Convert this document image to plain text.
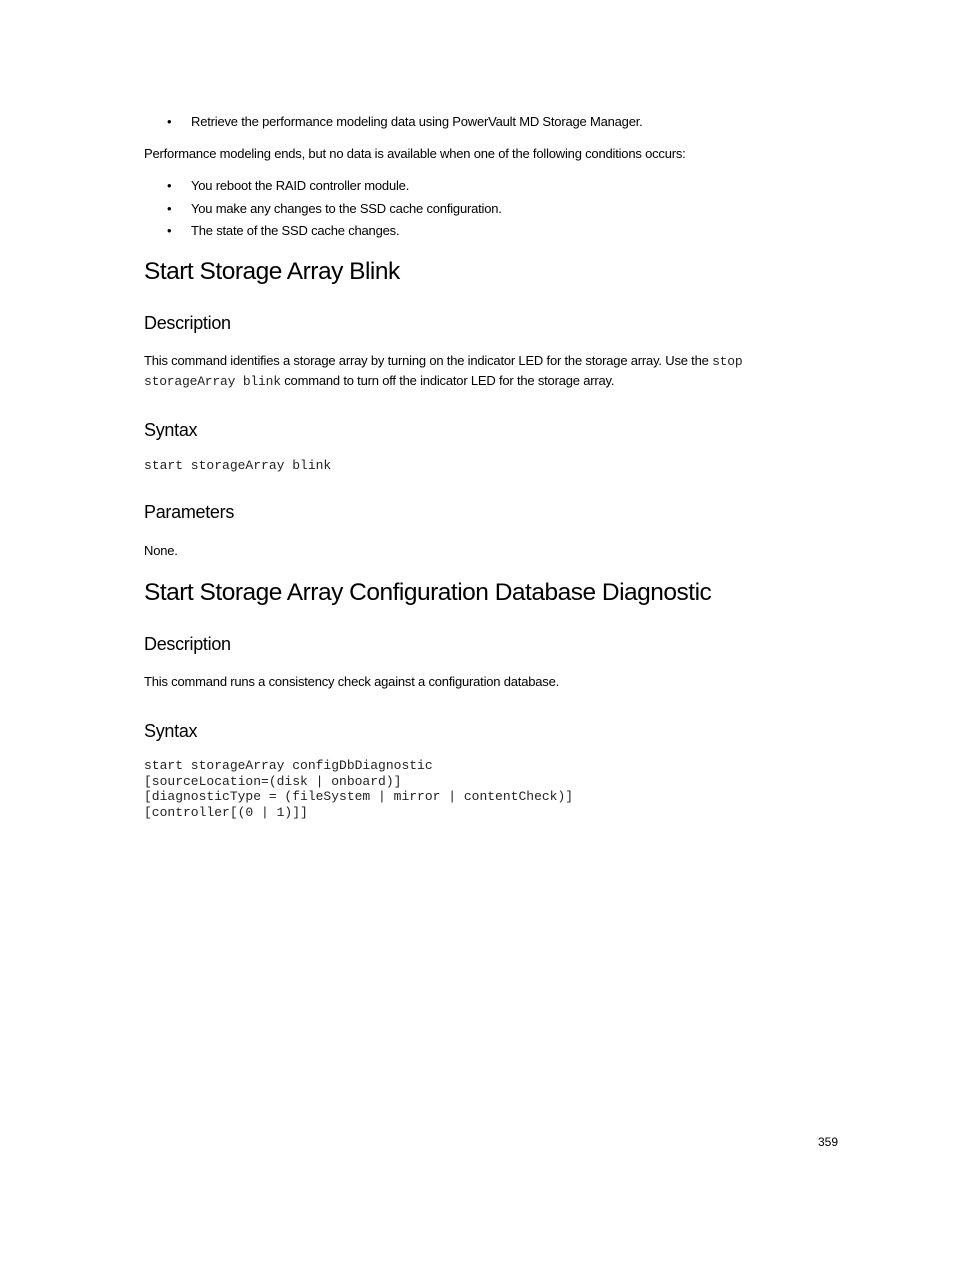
• Retrieve the performance modeling data using PowerVault MD Storage Manager.
Performance modeling ends, but no data is available when one of the following conditions occurs:
• You reboot the RAID controller module.
• You make any changes to the SSD cache configuration.
• The state of the SSD cache changes.
Start Storage Array Blink
Description
This command identifies a storage array by turning on the indicator LED for the storage array. Use the stop
storageArray blink command to turn off the indicator LED for the storage array.
Syntax
start storageArray blink
Parameters
None.
Start Storage Array Configuration Database Diagnostic
Description
This command runs a consistency check against a configuration database.
Syntax
start storageArray configDbDiagnostic
[sourceLocation=(disk | onboard)]
[diagnosticType = (fileSystem | mirror | contentCheck)]
[controller[(0 | 1)]]
359
